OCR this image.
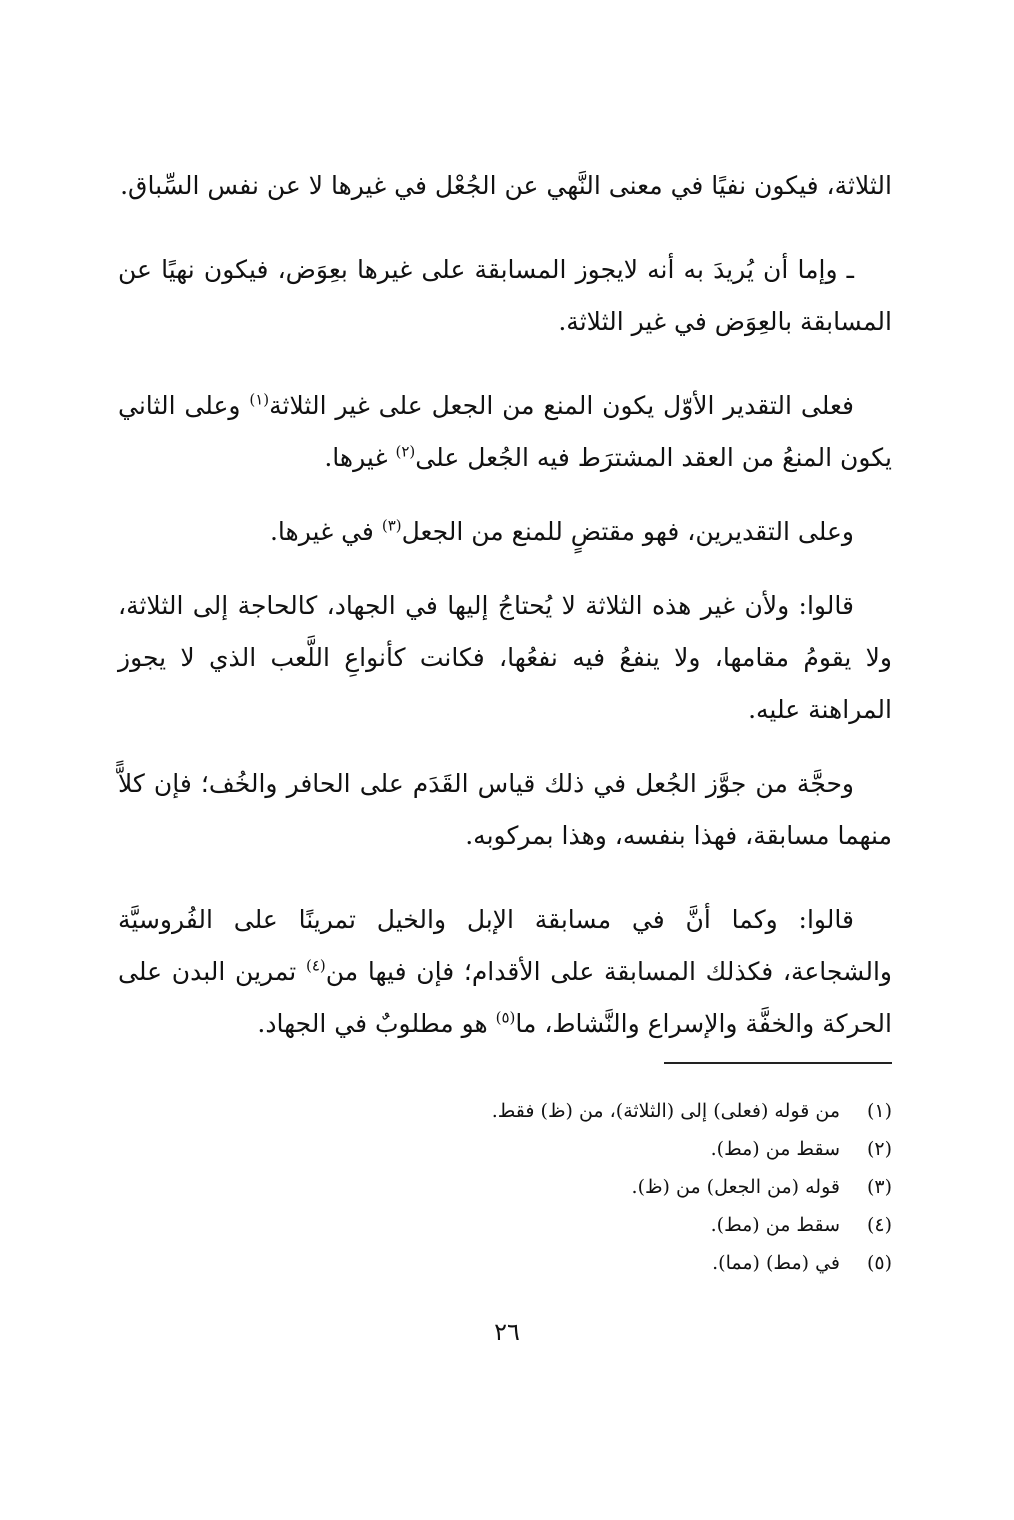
الثلاثة، فيكون نفيًا في معنى النَّهي عن الجُعْل في غيرها لا عن نفس السِّباق.

ـ وإما أن يُريدَ به أنه لايجوز المسابقة على غيرها بعِوَض، فيكون نهيًا عن المسابقة بالعِوَض في غير الثلاثة.

فعلى التقدير الأوّل يكون المنع من الجعل على غير الثلاثة$^{(١)}$ وعلى الثاني يكون المنعُ من العقد المشترَط فيه الجُعل على$^{(٢)}$ غيرها.

وعلى التقديرين، فهو مقتضٍ للمنع من الجعل$^{(٣)}$ في غيرها.

قالوا: ولأن غير هذه الثلاثة لا يُحتاجُ إليها في الجهاد، كالحاجة إلى الثلاثة، ولا يقومُ مقامها، ولا ينفعُ فيه نفعُها، فكانت كأنواعِ اللَّعب الذي لا يجوز المراهنة عليه.

وحجَّة من جوَّز الجُعل في ذلك قياس القَدَم على الحافر والخُف؛ فإن كلاًّ منهما مسابقة، فهذا بنفسه، وهذا بمركوبه.

قالوا: وكما أنَّ في مسابقة الإبل والخيل تمرينًا على الفُروسيَّة والشجاعة، فكذلك المسابقة على الأقدام؛ فإن فيها من$^{(٤)}$ تمرين البدن على الحركة والخفَّة والإسراع والنَّشاط، ما$^{(٥)}$ هو مطلوبٌ في الجهاد.

(١)
من قوله (فعلى) إلى (الثلاثة)، من (ظ) فقط.
(٢)
سقط من (مط).
(٣)
قوله (من الجعل) من (ظ).
(٤)
سقط من (مط).
(٥)
في (مط) (مما).
٢٦
